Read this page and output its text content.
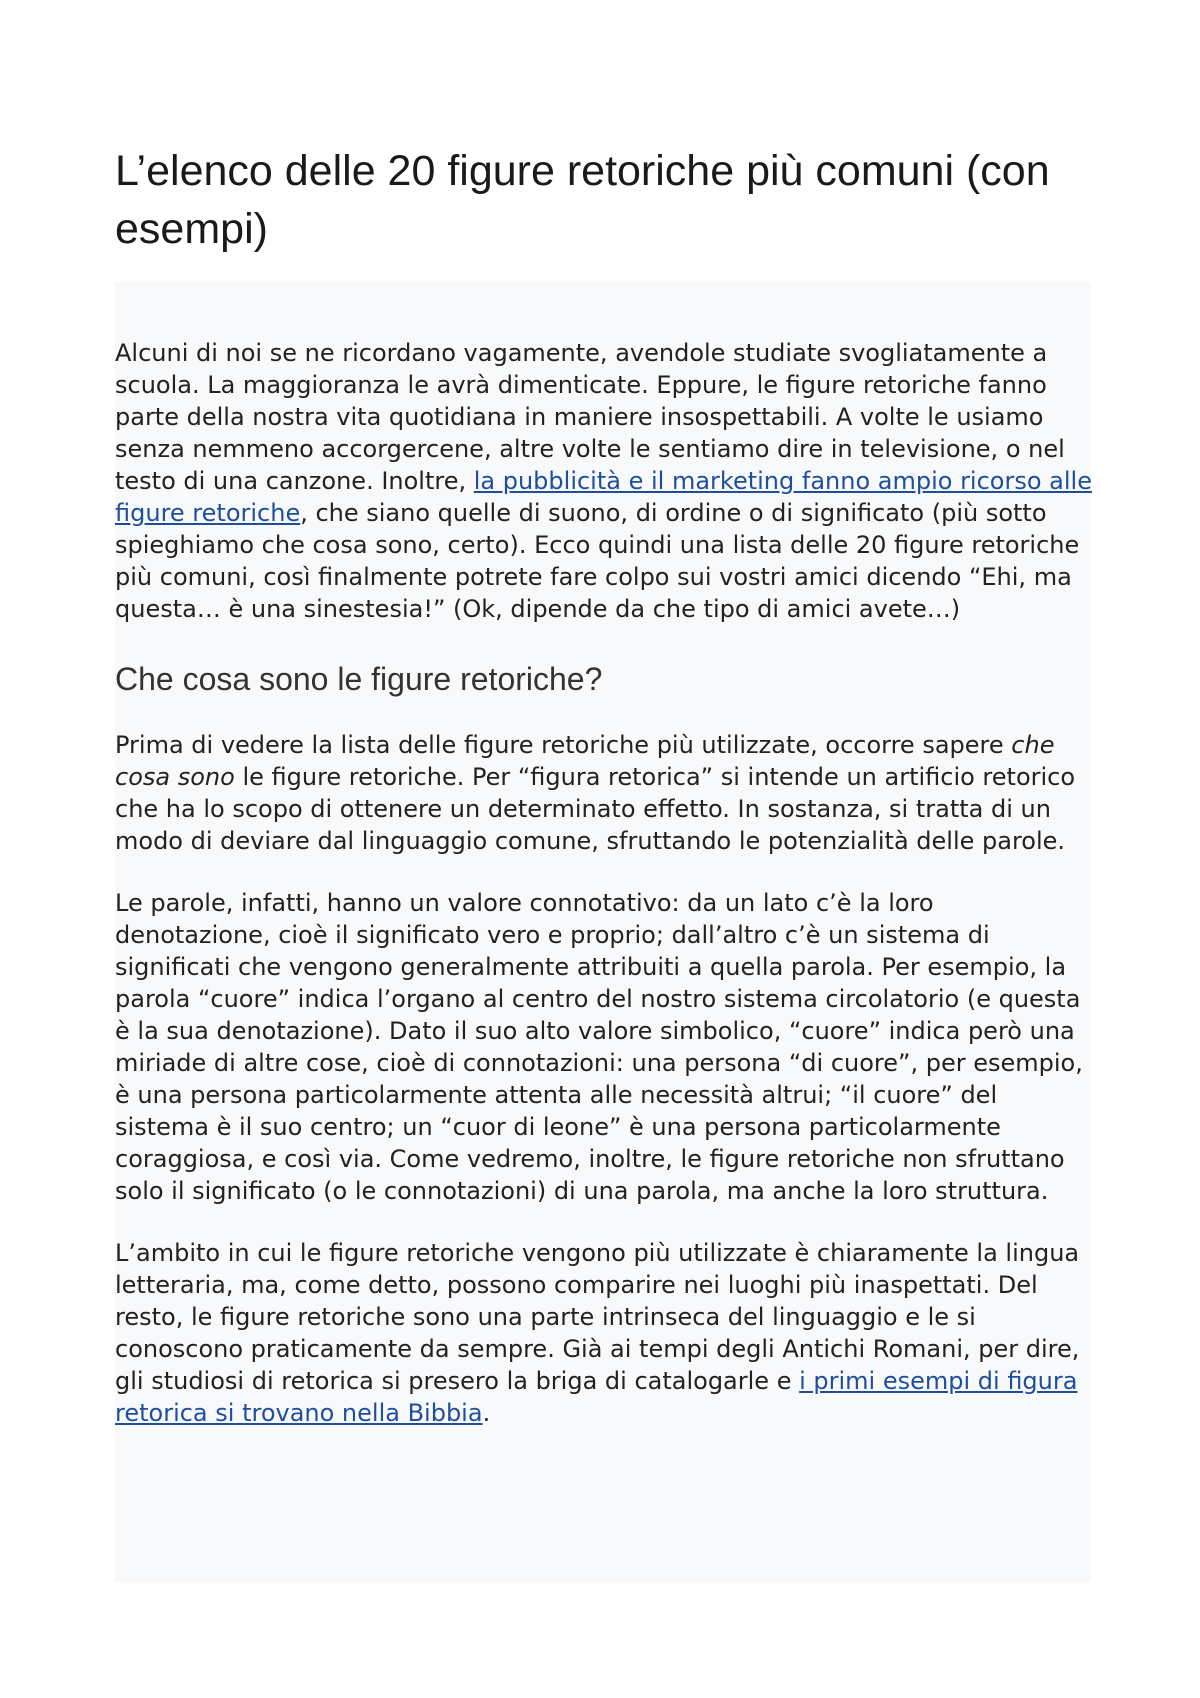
L’elenco delle 20 figure retoriche più comuni (con esempi)

Alcuni di noi se ne ricordano vagamente, avendole studiate svogliatamente a scuola. La maggioranza le avrà dimenticate. Eppure, le figure retoriche fanno parte della nostra vita quotidiana in maniere insospettabili. A volte le usiamo senza nemmeno accorgercene, altre volte le sentiamo dire in televisione, o nel testo di una canzone. Inoltre, la pubblicità e il marketing fanno ampio ricorso alle figure retoriche, che siano quelle di suono, di ordine o di significato (più sotto spieghiamo che cosa sono, certo). Ecco quindi una lista delle 20 figure retoriche più comuni, così finalmente potrete fare colpo sui vostri amici dicendo “Ehi, ma questa… è una sinestesia!” (Ok, dipende da che tipo di amici avete…)

Che cosa sono le figure retoriche?

Prima di vedere la lista delle figure retoriche più utilizzate, occorre sapere che cosa sono le figure retoriche. Per “figura retorica” si intende un artificio retorico che ha lo scopo di ottenere un determinato effetto. In sostanza, si tratta di un modo di deviare dal linguaggio comune, sfruttando le potenzialità delle parole.

Le parole, infatti, hanno un valore connotativo: da un lato c’è la loro denotazione, cioè il significato vero e proprio; dall’altro c’è un sistema di significati che vengono generalmente attribuiti a quella parola. Per esempio, la parola “cuore” indica l’organo al centro del nostro sistema circolatorio (e questa è la sua denotazione). Dato il suo alto valore simbolico, “cuore” indica però una miriade di altre cose, cioè di connotazioni: una persona “di cuore”, per esempio, è una persona particolarmente attenta alle necessità altrui; “il cuore” del sistema è il suo centro; un “cuor di leone” è una persona particolarmente coraggiosa, e così via. Come vedremo, inoltre, le figure retoriche non sfruttano solo il significato (o le connotazioni) di una parola, ma anche la loro struttura.

L’ambito in cui le figure retoriche vengono più utilizzate è chiaramente la lingua letteraria, ma, come detto, possono comparire nei luoghi più inaspettati. Del resto, le figure retoriche sono una parte intrinseca del linguaggio e le si conoscono praticamente da sempre. Già ai tempi degli Antichi Romani, per dire, gli studiosi di retorica si presero la briga di catalogarle e i primi esempi di figura retorica si trovano nella Bibbia.
